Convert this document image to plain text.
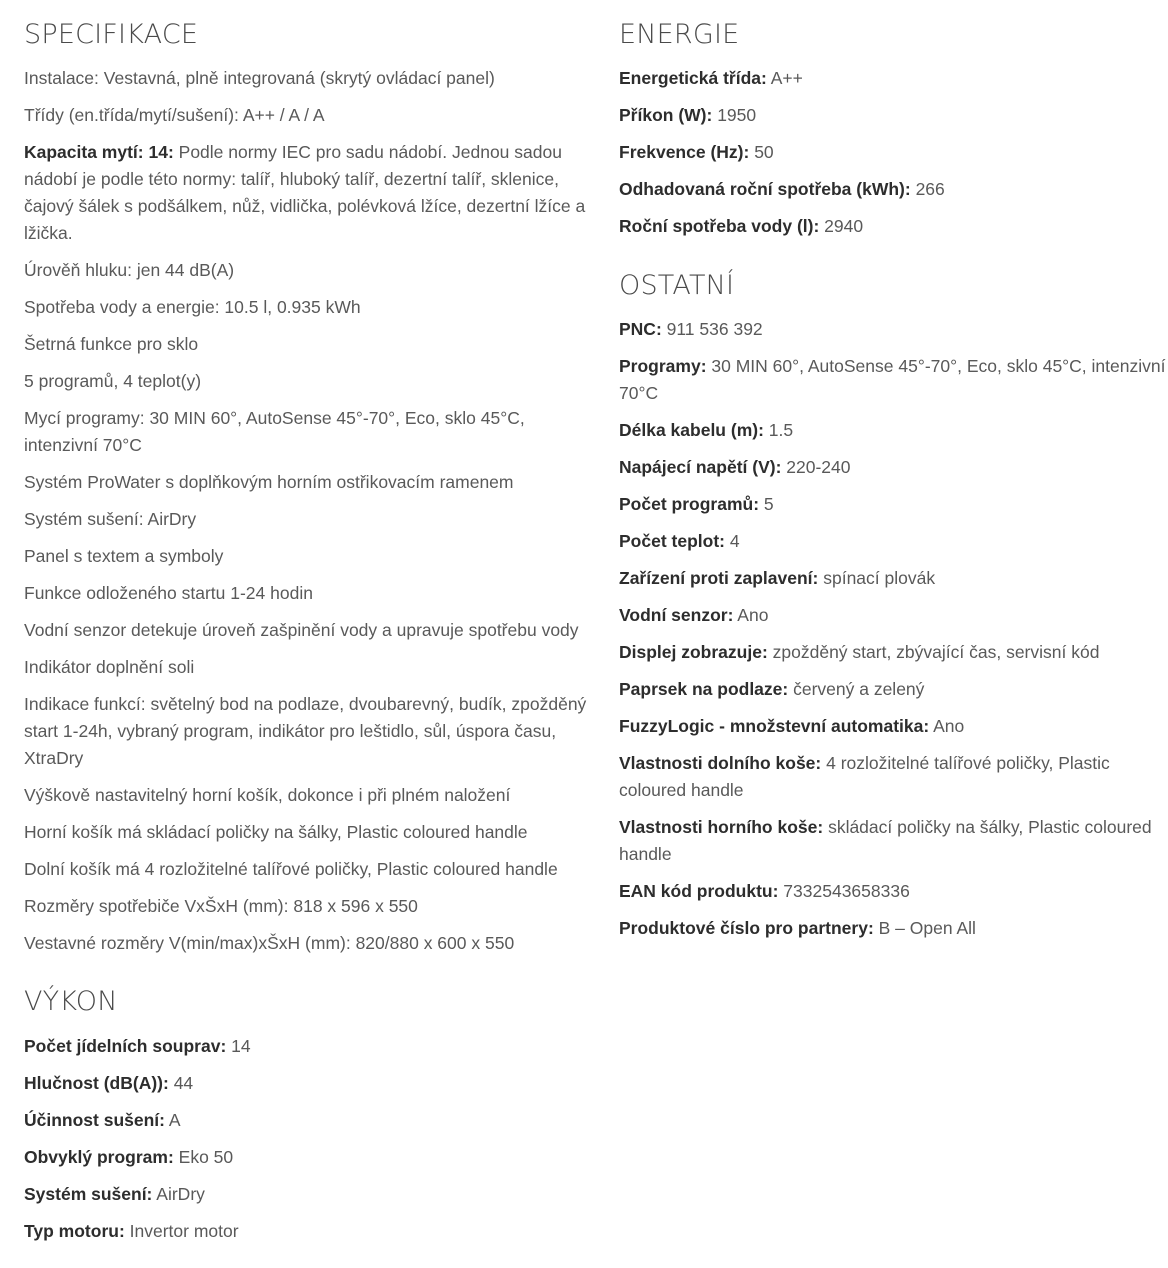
SPECIFIKACE

Instalace: Vestavná, plně integrovaná (skrytý ovládací panel)

Třídy (en.třída/mytí/sušení): A++ / A / A

Kapacita mytí: 14: Podle normy IEC pro sadu nádobí. Jednou sadou nádobí je podle této normy: talíř, hluboký talíř, dezertní talíř, sklenice, čajový šálek s podšálkem, nůž, vidlička, polévková lžíce, dezertní lžíce a lžička.

Úrověň hluku: jen 44 dB(A)

Spotřeba vody a energie: 10.5 l, 0.935 kWh

Šetrná funkce pro sklo

5 programů, 4 teplot(y)

Mycí programy: 30 MIN 60°, AutoSense 45°-70°, Eco, sklo 45°C, intenzivní 70°C

Systém ProWater s doplňkovým horním ostřikovacím ramenem

Systém sušení: AirDry

Panel s textem a symboly

Funkce odloženého startu 1-24 hodin

Vodní senzor detekuje úroveň zašpinění vody a upravuje spotřebu vody

Indikátor doplnění soli

Indikace funkcí: světelný bod na podlaze, dvoubarevný, budík, zpožděný start 1-24h, vybraný program, indikátor pro leštidlo, sůl, úspora času, XtraDry

Výškově nastavitelný horní košík, dokonce i při plném naložení

Horní košík má skládací poličky na šálky, Plastic coloured handle

Dolní košík má 4 rozložitelné talířové poličky, Plastic coloured handle

Rozměry spotřebiče VxŠxH (mm): 818 x 596 x 550

Vestavné rozměry V(min/max)xŠxH (mm): 820/880 x 600 x 550

VÝKON

Počet jídelních souprav: 14

Hlučnost (dB(A)): 44

Účinnost sušení: A

Obvyklý program: Eko 50

Systém sušení: AirDry

Typ motoru: Invertor motor

ENERGIE

Energetická třída: A++

Příkon (W): 1950

Frekvence (Hz): 50

Odhadovaná roční spotřeba (kWh): 266

Roční spotřeba vody (l): 2940

OSTATNÍ

PNC: 911 536 392

Programy: 30 MIN 60°, AutoSense 45°-70°, Eco, sklo 45°C, intenzivní 70°C

Délka kabelu (m): 1.5

Napájecí napětí (V): 220-240

Počet programů: 5

Počet teplot: 4

Zařízení proti zaplavení: spínací plovák

Vodní senzor: Ano

Displej zobrazuje: zpožděný start, zbývající čas, servisní kód

Paprsek na podlaze: červený a zelený

FuzzyLogic - množstevní automatika: Ano

Vlastnosti dolního koše: 4 rozložitelné talířové poličky, Plastic coloured handle

Vlastnosti horního koše: skládací poličky na šálky, Plastic coloured handle

EAN kód produktu: 7332543658336

Produktové číslo pro partnery: B – Open All
